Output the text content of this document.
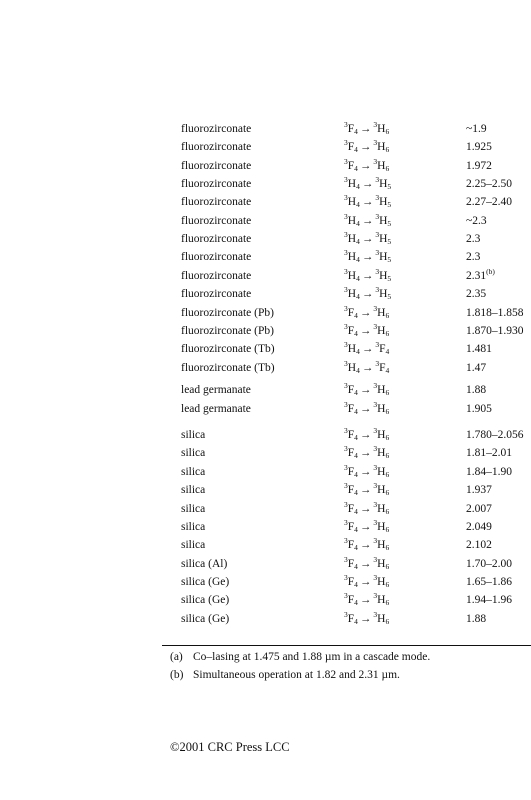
fluorozirconate	$^3F_4 \to ^3H_6$	~1.9
fluorozirconate	$^3F_4 \to ^3H_6$	1.925
fluorozirconate	$^3F_4 \to ^3H_6$	1.972
fluorozirconate	$^3H_4 \to ^3H_5$	2.25–2.50
fluorozirconate	$^3H_4 \to ^3H_5$	2.27–2.40
fluorozirconate	$^3H_4 \to ^3H_5$	~2.3
fluorozirconate	$^3H_4 \to ^3H_5$	2.3
fluorozirconate	$^3H_4 \to ^3H_5$	2.3
fluorozirconate	$^3H_4 \to ^3H_5$	2.31$^{(b)}$
fluorozirconate	$^3H_4 \to ^3H_5$	2.35
fluorozirconate (Pb)	$^3F_4 \to ^3H_6$	1.818–1.858
fluorozirconate (Pb)	$^3F_4 \to ^3H_6$	1.870–1.930
fluorozirconate (Tb)	$^3H_4 \to ^3F_4$	1.481
fluorozirconate (Tb)	$^3H_4 \to ^3F_4$	1.47
lead germanate	$^3F_4 \to ^3H_6$	1.88
lead germanate	$^3F_4 \to ^3H_6$	1.905
silica	$^3F_4 \to ^3H_6$	1.780–2.056
silica	$^3F_4 \to ^3H_6$	1.81–2.01
silica	$^3F_4 \to ^3H_6$	1.84–1.90
silica	$^3F_4 \to ^3H_6$	1.937
silica	$^3F_4 \to ^3H_6$	2.007
silica	$^3F_4 \to ^3H_6$	2.049
silica	$^3F_4 \to ^3H_6$	2.102
silica (Al)	$^3F_4 \to ^3H_6$	1.70–2.00
silica (Ge)	$^3F_4 \to ^3H_6$	1.65–1.86
silica (Ge)	$^3F_4 \to ^3H_6$	1.94–1.96
silica (Ge)	$^3F_4 \to ^3H_6$	1.88
(a) Co–lasing at 1.475 and 1.88 µm in a cascade mode.
(b) Simultaneous operation at 1.82 and 2.31 µm.
©2001 CRC Press LCC
